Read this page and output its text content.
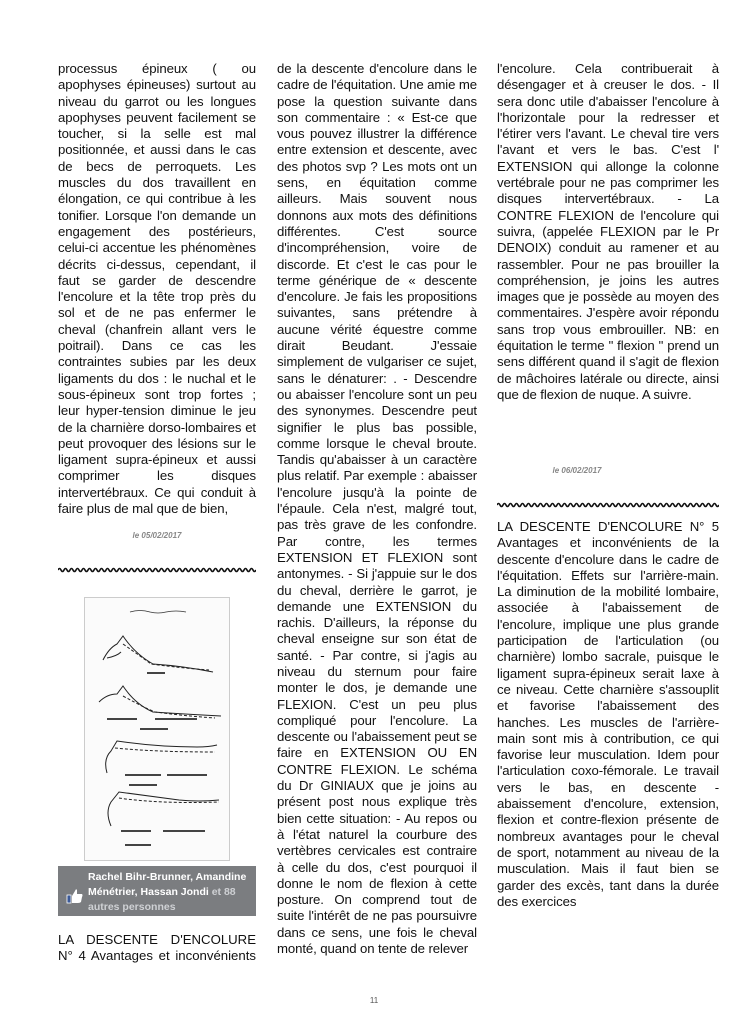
processus épineux ( ou apophyses épineuses) surtout au niveau du garrot ou les longues apophyses peuvent facilement se toucher, si la selle est mal positionnée, et aussi dans le cas de becs de perroquets. Les muscles du dos travaillent en élongation, ce qui contribue à les tonifier. Lorsque l'on demande un engagement des postérieurs, celui-ci accentue les phénomènes décrits ci-dessus, cependant, il faut se garder de descendre l'encolure et la tête trop près du sol et de ne pas enfermer le cheval (chanfrein allant vers le poitrail). Dans ce cas les contraintes subies par les deux ligaments du dos : le nuchal et le sous-épineux sont trop fortes ; leur hyper-tension diminue le jeu de la charnière dorso-lombaires et peut provoquer des lésions sur le ligament supra-épineux et aussi comprimer les disques intervertébraux. Ce qui conduit à faire plus de mal que de bien,

le 05/02/2017
Rachel Bihr-Brunner, Amandine Ménétrier, Hassan Jondi et 88 autres personnes
LA DESCENTE D'ENCOLURE N° 4 Avantages et inconvénients

de la descente d'encolure dans le cadre de l'équitation. Une amie me pose la question suivante dans son commentaire : « Est-ce que vous pouvez illustrer la différence entre extension et descente, avec des photos svp ? Les mots ont un sens, en équitation comme ailleurs. Mais souvent nous donnons aux mots des définitions différentes. C'est source d'incompréhension, voire de discorde. Et c'est le cas pour le terme générique de « descente d'encolure. Je fais les propositions suivantes, sans prétendre à aucune vérité équestre comme dirait Beudant. J'essaie simplement de vulgariser ce sujet, sans le dénaturer: . - Descendre ou abaisser l'encolure sont un peu des synonymes. Descendre peut signifier le plus bas possible, comme lorsque le cheval broute. Tandis qu'abaisser à un caractère plus relatif. Par exemple : abaisser l'encolure jusqu'à la pointe de l'épaule. Cela n'est, malgré tout, pas très grave de les confondre. Par contre, les termes EXTENSION ET FLEXION sont antonymes. - Si j'appuie sur le dos du cheval, derrière le garrot, je demande une EXTENSION du rachis. D'ailleurs, la réponse du cheval enseigne sur son état de santé. - Par contre, si j'agis au niveau du sternum pour faire monter le dos, je demande une FLEXION. C'est un peu plus compliqué pour l'encolure. La descente ou l'abaissement peut se faire en EXTENSION OU EN CONTRE FLEXION. Le schéma du Dr GINIAUX que je joins au présent post nous explique très bien cette situation: - Au repos ou à l'état naturel la courbure des vertèbres cervicales est contraire à celle du dos, c'est pourquoi il donne le nom de flexion à cette posture. On comprend tout de suite l'intérêt de ne pas poursuivre dans ce sens, une fois le cheval monté, quand on tente de relever

l'encolure. Cela contribuerait à désengager et à creuser le dos. - Il sera donc utile d'abaisser l'encolure à l'horizontale pour la redresser et l'étirer vers l'avant. Le cheval tire vers l'avant et vers le bas. C'est l' EXTENSION qui allonge la colonne vertébrale pour ne pas comprimer les disques intervertébraux. - La CONTRE FLEXION de l'encolure qui suivra, (appelée FLEXION par le Pr DENOIX) conduit au ramener et au rassembler. Pour ne pas brouiller la compréhension, je joins les autres images que je possède au moyen des commentaires. J'espère avoir répondu sans trop vous embrouiller. NB: en équitation le terme " flexion " prend un sens différent quand il s'agit de flexion de mâchoires latérale ou directe, ainsi que de flexion de nuque. A suivre.

le 06/02/2017

LA DESCENTE D'ENCOLURE N° 5 Avantages et inconvénients de la descente d'encolure dans le cadre de l'équitation. Effets sur l'arrière-main. La diminution de la mobilité lombaire, associée à l'abaissement de l'encolure, implique une plus grande participation de l'articulation (ou charnière) lombo sacrale, puisque le ligament supra-épineux serait laxe à ce niveau. Cette charnière s'assouplit et favorise l'abaissement des hanches. Les muscles de l'arrière-main sont mis à contribution, ce qui favorise leur musculation. Idem pour l'articulation coxo-fémorale. Le travail vers le bas, en descente - abaissement d'encolure, extension, flexion et contre-flexion présente de nombreux avantages pour le cheval de sport, notamment au niveau de la musculation. Mais il faut bien se garder des excès, tant dans la durée des exercices

11
